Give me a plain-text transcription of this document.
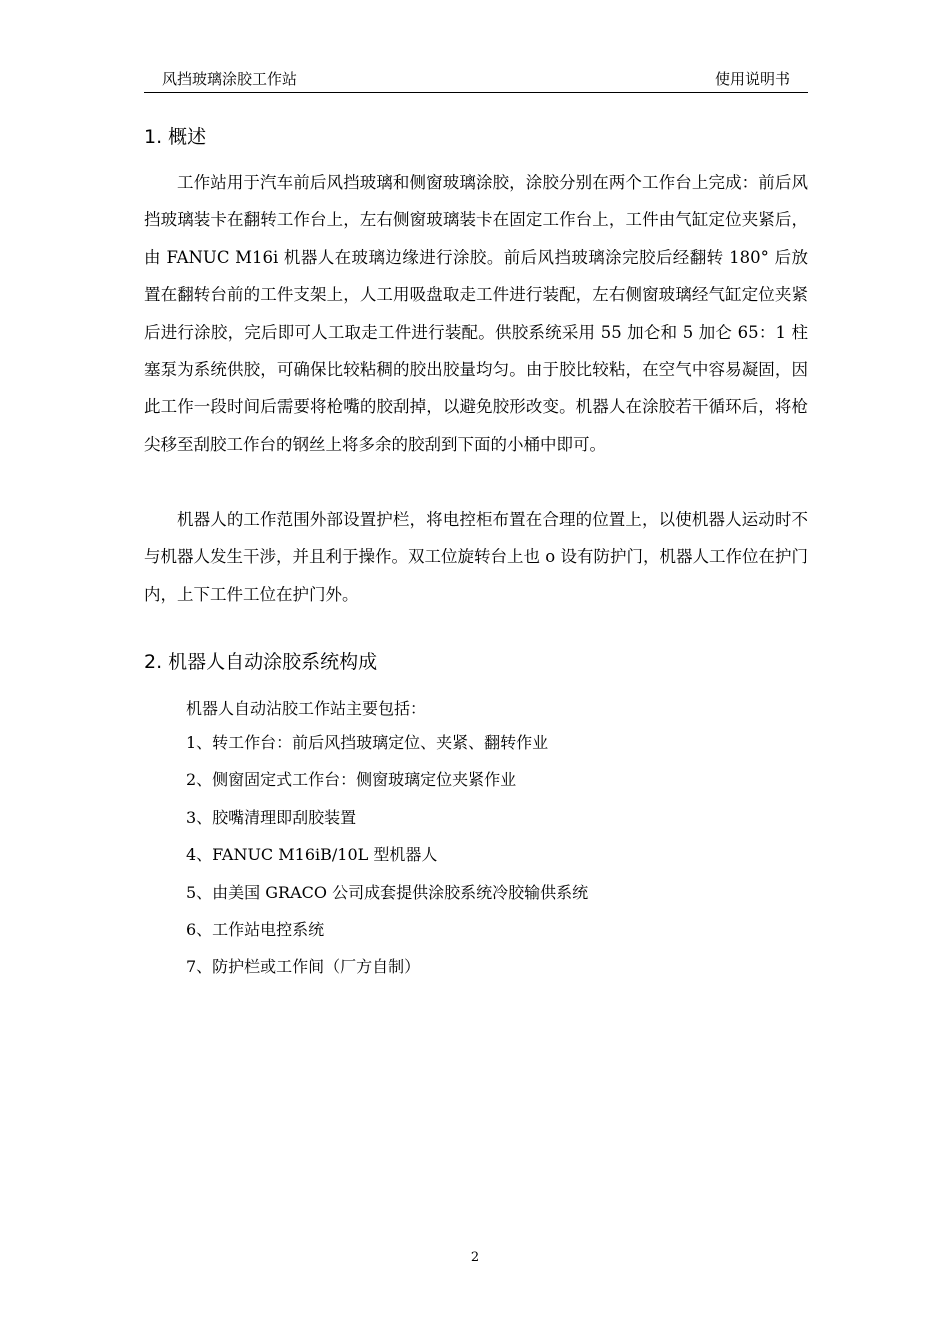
风挡玻璃涂胶工作站	使用说明书
1. 概述

工作站用于汽车前后风挡玻璃和侧窗玻璃涂胶，涂胶分别在两个工作台上完成：前后风挡玻璃装卡在翻转工作台上，左右侧窗玻璃装卡在固定工作台上，工件由气缸定位夹紧后，由 FANUC M16i 机器人在玻璃边缘进行涂胶。前后风挡玻璃涂完胶后经翻转 180° 后放置在翻转台前的工件支架上，人工用吸盘取走工件进行装配，左右侧窗玻璃经气缸定位夹紧后进行涂胶，完后即可人工取走工件进行装配。供胶系统采用 55 加仑和 5 加仑 65：1 柱塞泵为系统供胶，可确保比较粘稠的胶出胶量均匀。由于胶比较粘，在空气中容易凝固，因此工作一段时间后需要将枪嘴的胶刮掉，以避免胶形改变。机器人在涂胶若干循环后，将枪尖移至刮胶工作台的钢丝上将多余的胶刮到下面的小桶中即可。

机器人的工作范围外部设置护栏，将电控柜布置在合理的位置上，以使机器人运动时不与机器人发生干涉，并且利于操作。双工位旋转台上也 o 设有防护门，机器人工作位在护门内，上下工件工位在护门外。

2. 机器人自动涂胶系统构成
机器人自动沾胶工作站主要包括：
1、转工作台：前后风挡玻璃定位、夹紧、翻转作业
2、侧窗固定式工作台：侧窗玻璃定位夹紧作业
3、胶嘴清理即刮胶装置
4、FANUC M16iB/10L 型机器人
5、由美国 GRACO 公司成套提供涂胶系统冷胶输供系统
6、工作站电控系统
7、防护栏或工作间（厂方自制）
2
